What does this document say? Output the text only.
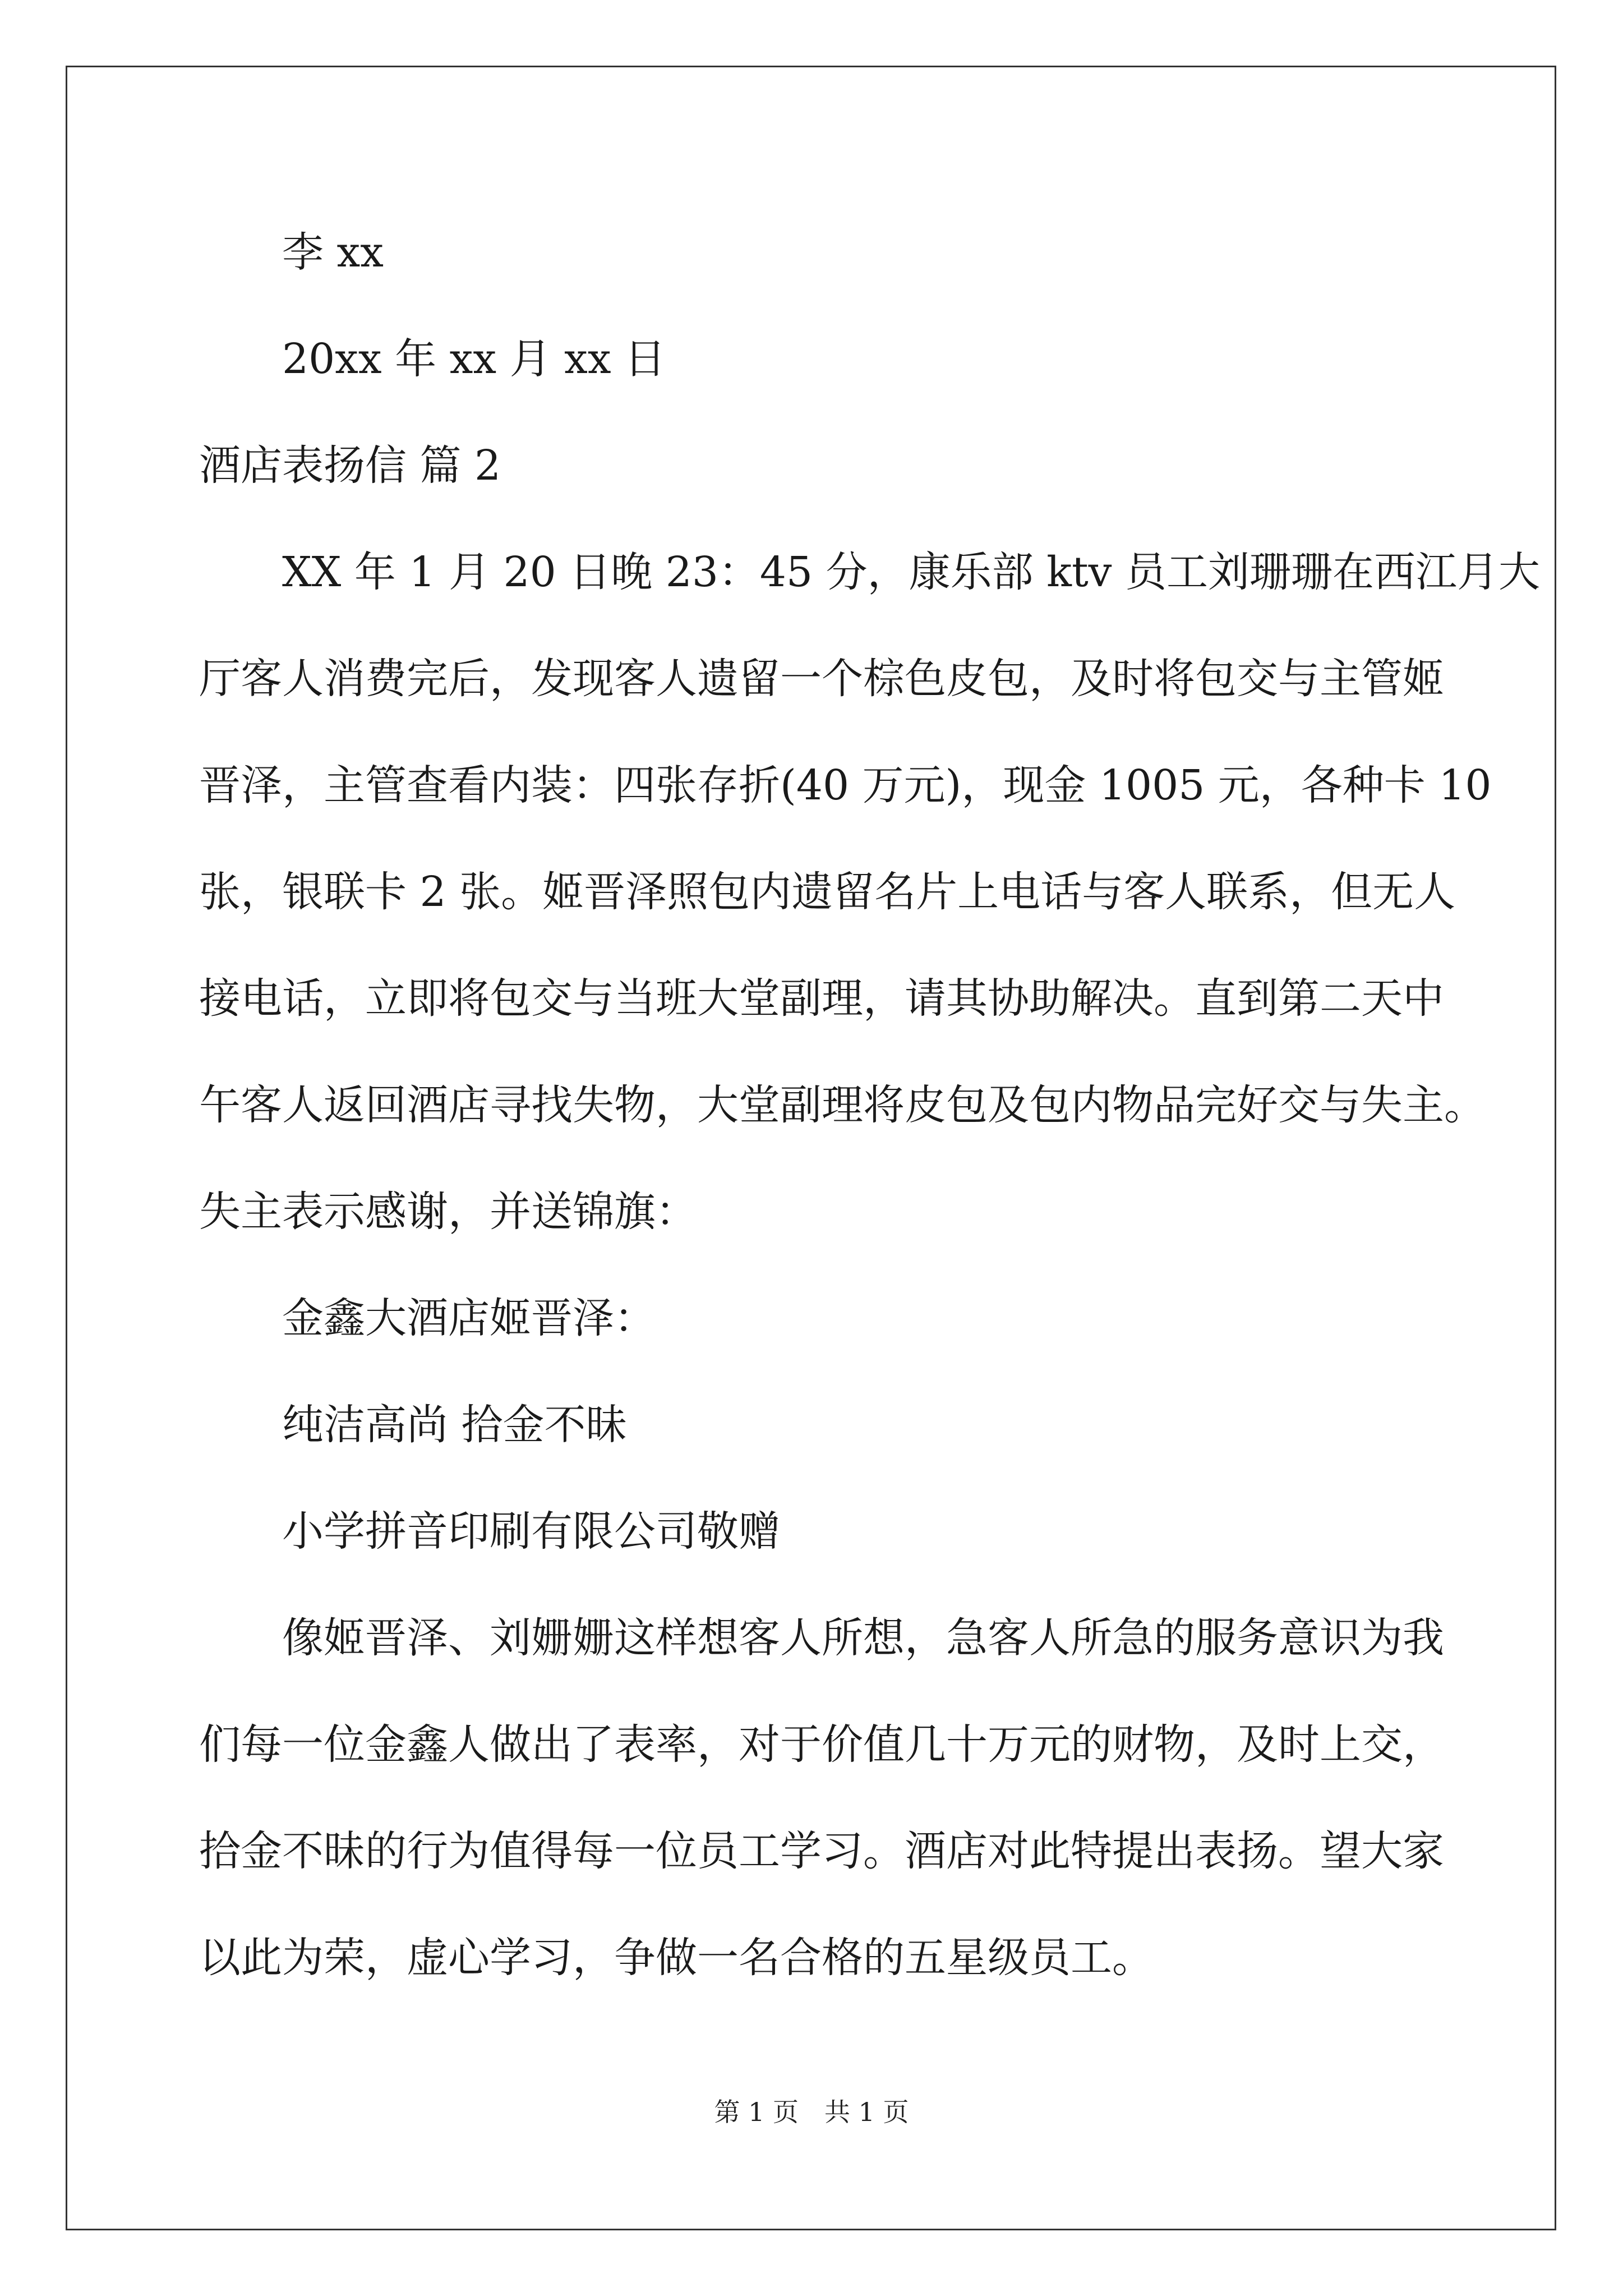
李 xx
20xx 年 xx 月 xx 日
酒店表扬信 篇 2
XX 年 1 月 20 日晚 23：45 分，康乐部 ktv 员工刘珊珊在西江月大
厅客人消费完后，发现客人遗留一个棕色皮包，及时将包交与主管姬
晋泽，主管查看内装：四张存折(40 万元)，现金 1005 元，各种卡 10
张，银联卡 2 张。姬晋泽照包内遗留名片上电话与客人联系，但无人
接电话，立即将包交与当班大堂副理，请其协助解决。直到第二天中
午客人返回酒店寻找失物，大堂副理将皮包及包内物品完好交与失主。
失主表示感谢，并送锦旗：
金鑫大酒店姬晋泽：
纯洁高尚 拾金不昧
小学拼音印刷有限公司敬赠
像姬晋泽、刘姗姗这样想客人所想，急客人所急的服务意识为我
们每一位金鑫人做出了表率，对于价值几十万元的财物，及时上交，
拾金不昧的行为值得每一位员工学习。酒店对此特提出表扬。望大家
以此为荣，虚心学习，争做一名合格的五星级员工。
第 1 页　共 1 页
